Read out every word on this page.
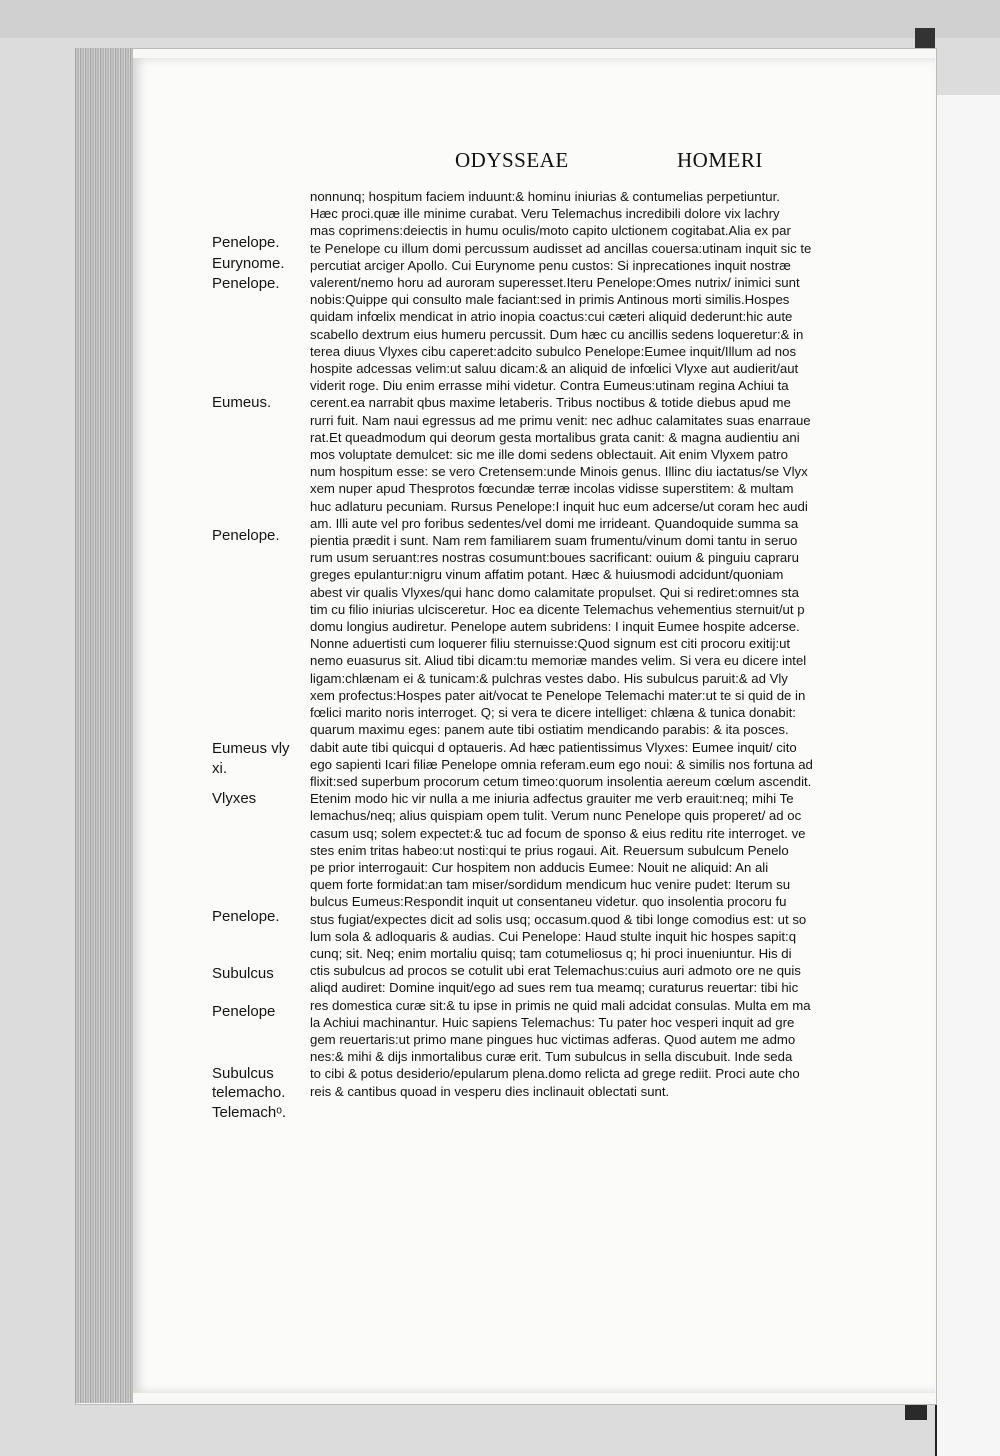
ODYSSEAE	HOMERI
Penelope.
Eurynome.
Penelope.
Eumeus.
Penelope.
Eumeus vly
xi.
Vlyxes
Penelope.
Subulcus
Penelope
Subulcus
telemacho.
Telemachᵒ.
nonnunq; hospitum faciem induunt:& hominu iniurias & contumelias perpetiuntur.
Hæc proci.quæ ille minime curabat. Veru Telemachus incredibili dolore vix lachry
mas coprimens:deiectis in humu oculis/moto capito ulctionem cogitabat.Alia ex par
te Penelope cu illum domi percussum audisset ad ancillas couersa:utinam inquit sic te
percutiat arciger Apollo. Cui Eurynome penu custos: Si inprecationes inquit nostræ
valerent/nemo horu ad auroram superesset.Iteru Penelope:Omes nutrix/ inimici sunt
nobis:Quippe qui consulto male faciant:sed in primis Antinous morti similis.Hospes
quidam infœlix mendicat in atrio inopia coactus:cui cæteri aliquid dederunt:hic aute
scabello dextrum eius humeru percussit. Dum hæc cu ancillis sedens loqueretur:& in
terea diuus Vlyxes cibu caperet:adcito subulco Penelope:Eumee inquit/Illum ad nos
hospite adcessas velim:ut saluu dicam:& an aliquid de infœlici Vlyxe aut audierit/aut
viderit roge. Diu enim errasse mihi videtur. Contra Eumeus:utinam regina Achiui ta
cerent.ea narrabit qbus maxime letaberis. Tribus noctibus & totide diebus apud me
rurri fuit. Nam naui egressus ad me primu venit: nec adhuc calamitates suas enarraue
rat.Et queadmodum qui deorum gesta mortalibus grata canit: & magna audientiu ani
mos voluptate demulcet: sic me ille domi sedens oblectauit. Ait enim Vlyxem patro
num hospitum esse: se vero Cretensem:unde Minois genus. Illinc diu iactatus/se Vlyx
xem nuper apud Thesprotos fœcundæ terræ incolas vidisse superstitem: & multam
huc adlaturu pecuniam. Rursus Penelope:I inquit huc eum adcerse/ut coram hec audi
am. Illi aute vel pro foribus sedentes/vel domi me irrideant. Quandoquide summa sa
pientia prædit i sunt. Nam rem familiarem suam frumentu/vinum domi tantu in seruo
rum usum seruant:res nostras cosumunt:boues sacrificant: ouium & pinguiu capraru
greges epulantur:nigru vinum affatim potant. Hæc & huiusmodi adcidunt/quoniam
abest vir qualis Vlyxes/qui hanc domo calamitate propulset. Qui si rediret:omnes sta
tim cu filio iniurias ulcisceretur. Hoc ea dicente Telemachus vehementius sternuit/ut p
domu longius audiretur. Penelope autem subridens: I inquit Eumee hospite adcerse.
Nonne aduertisti cum loquerer filiu sternuisse:Quod signum est citi procoru exitij:ut
nemo euasurus sit. Aliud tibi dicam:tu memoriæ mandes velim. Si vera eu dicere intel
ligam:chlænam ei & tunicam:& pulchras vestes dabo. His subulcus paruit:& ad Vly
xem profectus:Hospes pater ait/vocat te Penelope Telemachi mater:ut te si quid de in
fœlici marito noris interroget. Q; si vera te dicere intelliget: chlæna & tunica donabit:
quarum maximu eges: panem aute tibi ostiatim mendicando parabis: & ita posces.
dabit aute tibi quicqui d optaueris. Ad hæc patientissimus Vlyxes: Eumee inquit/ cito
ego sapienti Icari filiæ Penelope omnia referam.eum ego noui: & similis nos fortuna ad
flixit:sed superbum procorum cetum timeo:quorum insolentia aereum cœlum ascendit.
Etenim modo hic vir nulla a me iniuria adfectus grauiter me verb erauit:neq; mihi Te
lemachus/neq; alius quispiam opem tulit. Verum nunc Penelope quis properet/ ad oc
casum usq; solem expectet:& tuc ad focum de sponso & eius reditu rite interroget. ve
stes enim tritas habeo:ut nosti:qui te prius rogaui. Ait. Reuersum subulcum Penelo
pe prior interrogauit: Cur hospitem non adducis Eumee: Nouit ne aliquid: An ali
quem forte formidat:an tam miser/sordidum mendicum huc venire pudet: Iterum su
bulcus Eumeus:Respondit inquit ut consentaneu videtur. quo insolentia procoru fu
stus fugiat/expectes dicit ad solis usq; occasum.quod & tibi longe comodius est: ut so
lum sola & adloquaris & audias. Cui Penelope: Haud stulte inquit hic hospes sapit:q
cunq; sit. Neq; enim mortaliu quisq; tam cotumeliosus q; hi proci inueniuntur. His di
ctis subulcus ad procos se cotulit ubi erat Telemachus:cuius auri admoto ore ne quis
aliqd audiret: Domine inquit/ego ad sues rem tua meamq; curaturus reuertar: tibi hic
res domestica curæ sit:& tu ipse in primis ne quid mali adcidat consulas. Multa em ma
la Achiui machinantur. Huic sapiens Telemachus: Tu pater hoc vesperi inquit ad gre
gem reuertaris:ut primo mane pingues huc victimas adferas. Quod autem me admo
nes:& mihi & dijs inmortalibus curæ erit. Tum subulcus in sella discubuit. Inde seda
to cibi & potus desiderio/epularum plena.domo relicta ad grege rediit. Proci aute cho
reis & cantibus quoad in vesperu dies inclinauit oblectati sunt.
